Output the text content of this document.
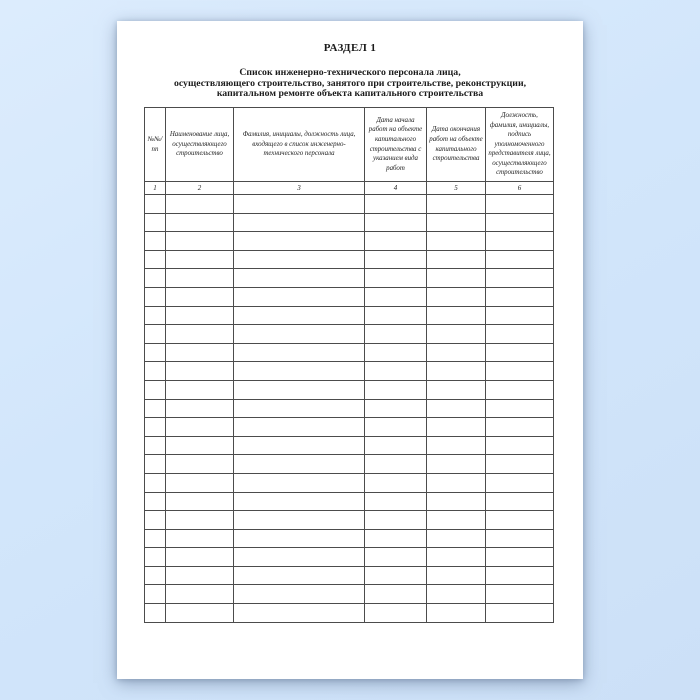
РАЗДЕЛ 1
Список инженерно-технического персонала лица,
осуществляющего строительство, занятого при строительстве, реконструкции,
капитальном ремонте объекта капитального строительства
№№/пп	Наименование лица, осуществляющего строительство	Фамилия, инициалы, должность лица, входящего в список инженерно-технического персонала	Дата начала работ на объекте капитального строительства с указанием вида работ	Дата окончания работ на объекте капитального строительства	Должность, фамилия, инициалы, подпись уполномоченного представителя лица, осуществляющего строительство
1	2	3	4	5	6
